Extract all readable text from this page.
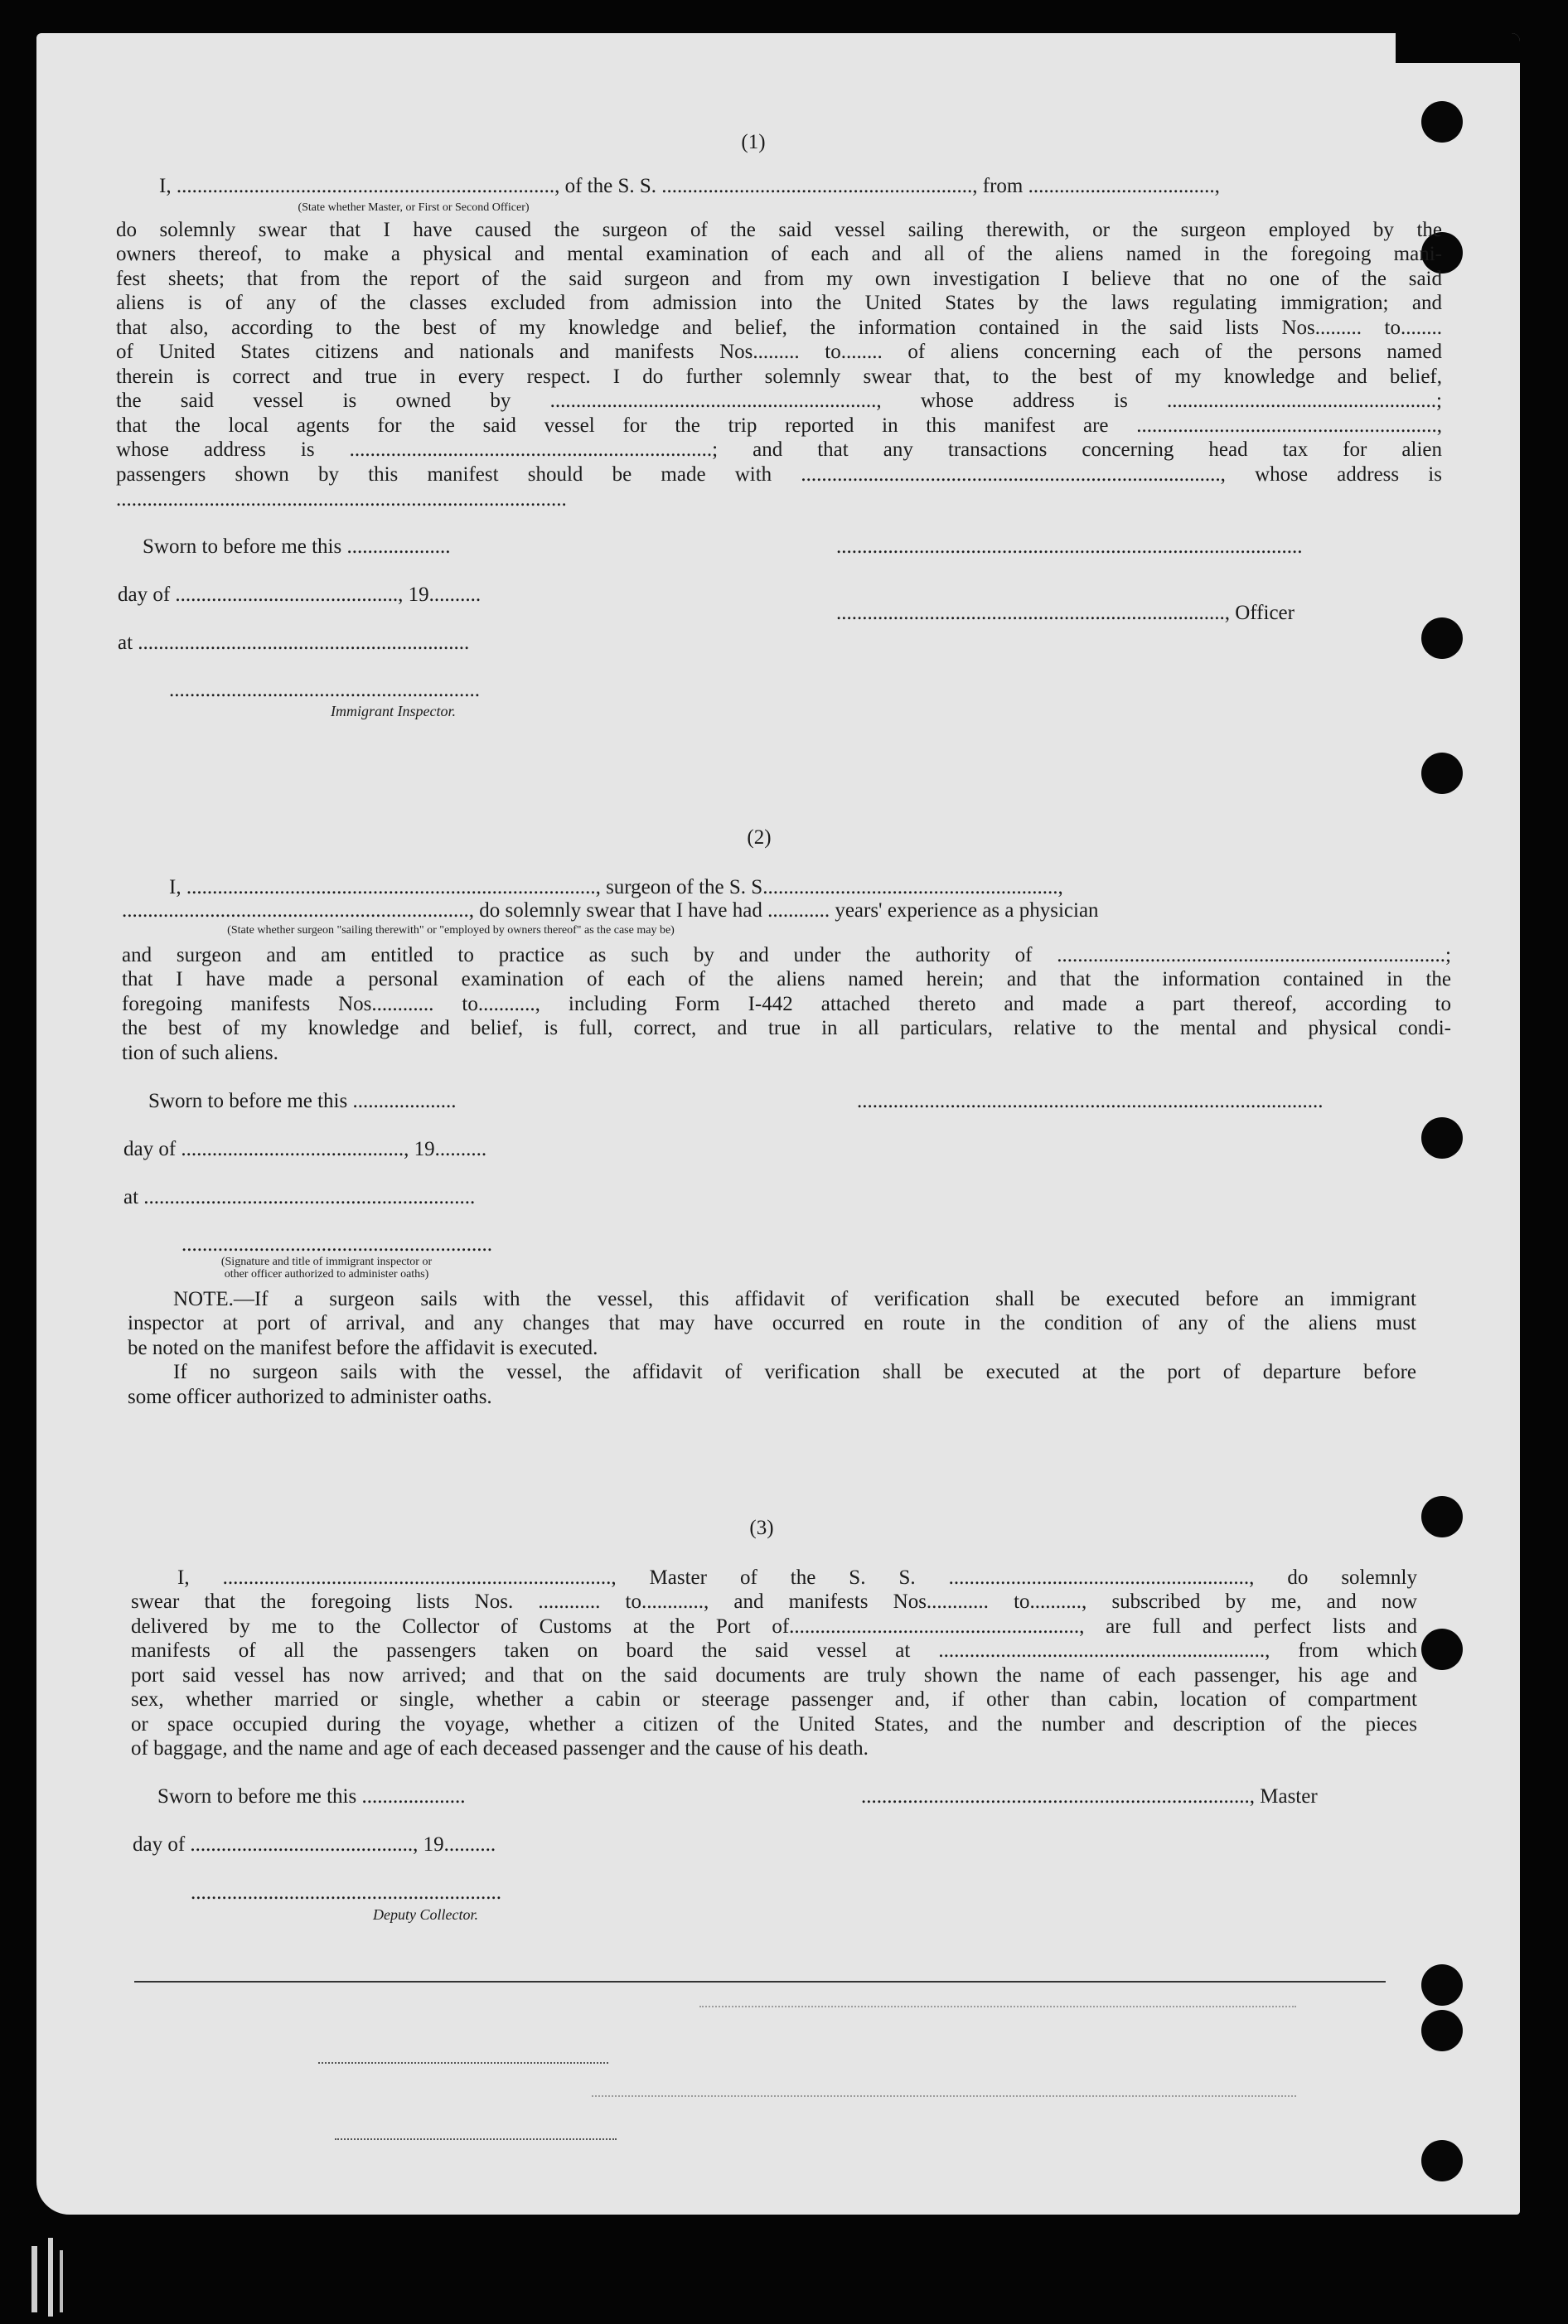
(1)
I, ........................................................................., of the S. S. ............................................................, from ....................................,
(State whether Master, or First or Second Officer)
do solemnly swear that I have caused the surgeon of the said vessel sailing therewith, or the surgeon employed by the
owners thereof, to make a physical and mental examination of each and all of the aliens named in the foregoing mani-
fest sheets; that from the report of the said surgeon and from my own investigation I believe that no one of the said
aliens is of any of the classes excluded from admission into the United States by the laws regulating immigration; and
that also, according to the best of my knowledge and belief, the information contained in the said lists Nos......... to........
of United States citizens and nationals and manifests Nos......... to........ of aliens concerning each of the persons named
therein is correct and true in every respect. I do further solemnly swear that, to the best of my knowledge and belief,
the said vessel is owned by ..............................................................., whose address is ....................................................;
that the local agents for the said vessel for the trip reported in this manifest are ..........................................................,
whose address is ......................................................................; and that any transactions concerning head tax for alien
passengers shown by this manifest should be made with ................................................................................., whose address is
.......................................................................................
Sworn to before me this ....................
day of ..........................................., 19..........
at ................................................................
............................................................
Immigrant Inspector.
..........................................................................................
..........................................................................., Officer
(2)
I, ..............................................................................., surgeon of the S. S.........................................................,
..................................................................., do solemnly swear that I have had ............ years' experience as a physician
(State whether surgeon "sailing therewith" or "employed by owners thereof" as the case may be)
and surgeon and am entitled to practice as such by and under the authority of ...........................................................................;
that I have made a personal examination of each of the aliens named herein; and that the information contained in the
foregoing manifests Nos............ to..........., including Form I-442 attached thereto and made a part thereof, according to
the best of my knowledge and belief, is full, correct, and true in all particulars, relative to the mental and physical condi-
tion of such aliens.
Sworn to before me this ....................
day of ..........................................., 19..........
at ................................................................
............................................................
(Signature and title of immigrant inspector or
other officer authorized to administer oaths)
..........................................................................................
NOTE.—If a surgeon sails with the vessel, this affidavit of verification shall be executed before an immigrant
inspector at port of arrival, and any changes that may have occurred en route in the condition of any of the aliens must
be noted on the manifest before the affidavit is executed.
If no surgeon sails with the vessel, the affidavit of verification shall be executed at the port of departure before
some officer authorized to administer oaths.
(3)
I, ..........................................................................., Master of the S. S. .........................................................., do solemnly
swear that the foregoing lists Nos. ............ to............, and manifests Nos............ to.........., subscribed by me, and now
delivered by me to the Collector of Customs at the Port of........................................................, are full and perfect lists and
manifests of all the passengers taken on board the said vessel at ..............................................................., from which
port said vessel has now arrived; and that on the said documents are truly shown the name of each passenger, his age and
sex, whether married or single, whether a cabin or steerage passenger and, if other than cabin, location of compartment
or space occupied during the voyage, whether a citizen of the United States, and the number and description of the pieces
of baggage, and the name and age of each deceased passenger and the cause of his death.
Sworn to before me this ....................
day of ..........................................., 19..........
............................................................
Deputy Collector.
..........................................................................., Master
